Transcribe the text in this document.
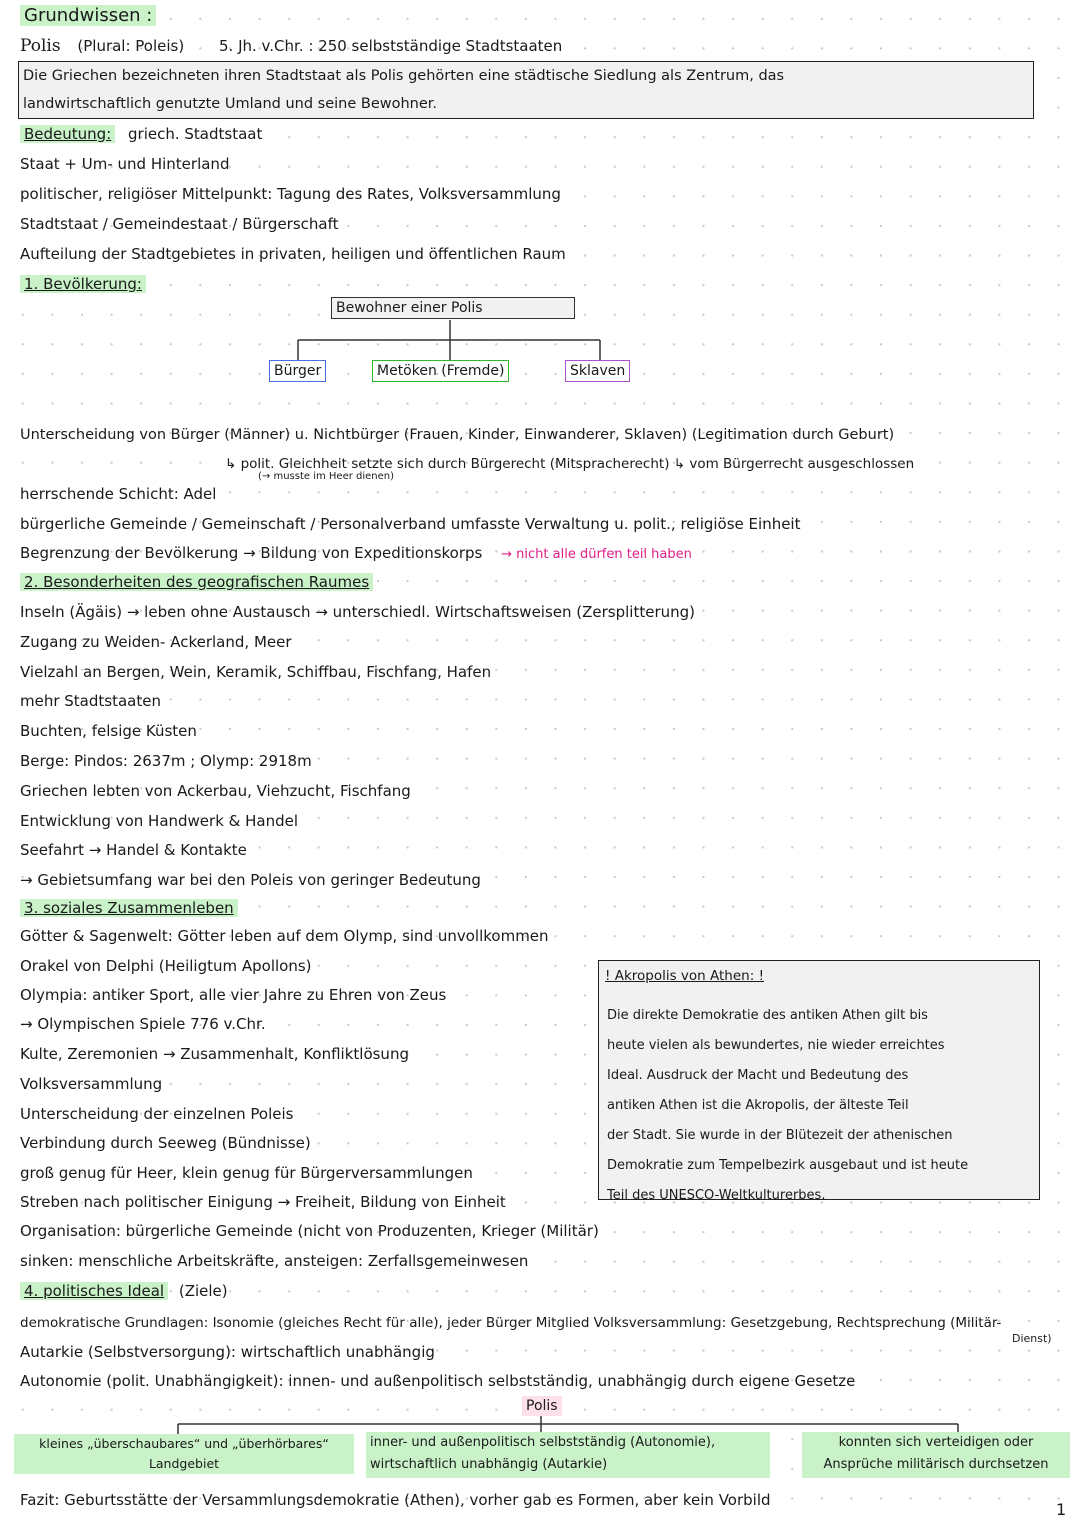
Grundwissen :
Polis (Plural: Poleis) 5. Jh. v.Chr. : 250 selbstständige Stadtstaaten
Die Griechen bezeichneten ihren Stadtstaat als Polis gehörten eine städtische Siedlung als Zentrum, das
landwirtschaftlich genutzte Umland und seine Bewohner.
Bedeutung: griech. Stadtstaat
Staat + Um- und Hinterland
politischer, religiöser Mittelpunkt: Tagung des Rates, Volksversammlung
Stadtstaat / Gemeindestaat / Bürgerschaft
Aufteilung der Stadtgebietes in privaten, heiligen und öffentlichen Raum
1. Bevölkerung:
Bewohner einer Polis
Bürger	Metöken (Fremde)	Sklaven
Unterscheidung von Bürger (Männer) u. Nichtbürger (Frauen, Kinder, Einwanderer, Sklaven) (Legitimation durch Geburt)
↳ polit. Gleichheit setzte sich durch Bürgerecht (Mitspracherecht) ↳ vom Bürgerrecht ausgeschlossen
(→ musste im Heer dienen)
herrschende Schicht: Adel
bürgerliche Gemeinde / Gemeinschaft / Personalverband umfasste Verwaltung u. polit., religiöse Einheit
Begrenzung der Bevölkerung → Bildung von Expeditionskorps → nicht alle dürfen teil haben
2. Besonderheiten des geografischen Raumes
Inseln (Ägäis) → leben ohne Austausch → unterschiedl. Wirtschaftsweisen (Zersplitterung)
Zugang zu Weiden- Ackerland, Meer
Vielzahl an Bergen, Wein, Keramik, Schiffbau, Fischfang, Hafen
mehr Stadtstaaten
Buchten, felsige Küsten
Berge: Pindos: 2637m ; Olymp: 2918m
Griechen lebten von Ackerbau, Viehzucht, Fischfang
Entwicklung von Handwerk & Handel
Seefahrt → Handel & Kontakte
→ Gebietsumfang war bei den Poleis von geringer Bedeutung
3. soziales Zusammenleben
Götter & Sagenwelt: Götter leben auf dem Olymp, sind unvollkommen
Orakel von Delphi (Heiligtum Apollons)
Olympia: antiker Sport, alle vier Jahre zu Ehren von Zeus
→ Olympischen Spiele 776 v.Chr.
Kulte, Zeremonien → Zusammenhalt, Konfliktlösung
Volksversammlung
Unterscheidung der einzelnen Poleis
Verbindung durch Seeweg (Bündnisse)
groß genug für Heer, klein genug für Bürgerversammlungen
Streben nach politischer Einigung → Freiheit, Bildung von Einheit
Organisation: bürgerliche Gemeinde (nicht von Produzenten, Krieger (Militär)
sinken: menschliche Arbeitskräfte, ansteigen: Zerfallsgemeinwesen
! Akropolis von Athen: !
Die direkte Demokratie des antiken Athen gilt bis
heute vielen als bewundertes, nie wieder erreichtes
Ideal. Ausdruck der Macht und Bedeutung des
antiken Athen ist die Akropolis, der älteste Teil
der Stadt. Sie wurde in der Blütezeit der athenischen
Demokratie zum Tempelbezirk ausgebaut und ist heute
Teil des UNESCO-Weltkulturerbes.
4. politisches Ideal (Ziele)
demokratische Grundlagen: Isonomie (gleiches Recht für alle), jeder Bürger Mitglied Volksversammlung: Gesetzgebung, Rechtsprechung (Militär-
Dienst)
Autarkie (Selbstversorgung): wirtschaftlich unabhängig
Autonomie (polit. Unabhängigkeit): innen- und außenpolitisch selbstständig, unabhängig durch eigene Gesetze
Polis
kleines „überschaubares“ und „überhörbares“ Landgebiet
inner- und außenpolitisch selbstständig (Autonomie),
wirtschaftlich unabhängig (Autarkie)
konnten sich verteidigen oder
Ansprüche militärisch durchsetzen
Fazit: Geburtsstätte der Versammlungsdemokratie (Athen), vorher gab es Formen, aber kein Vorbild	1
